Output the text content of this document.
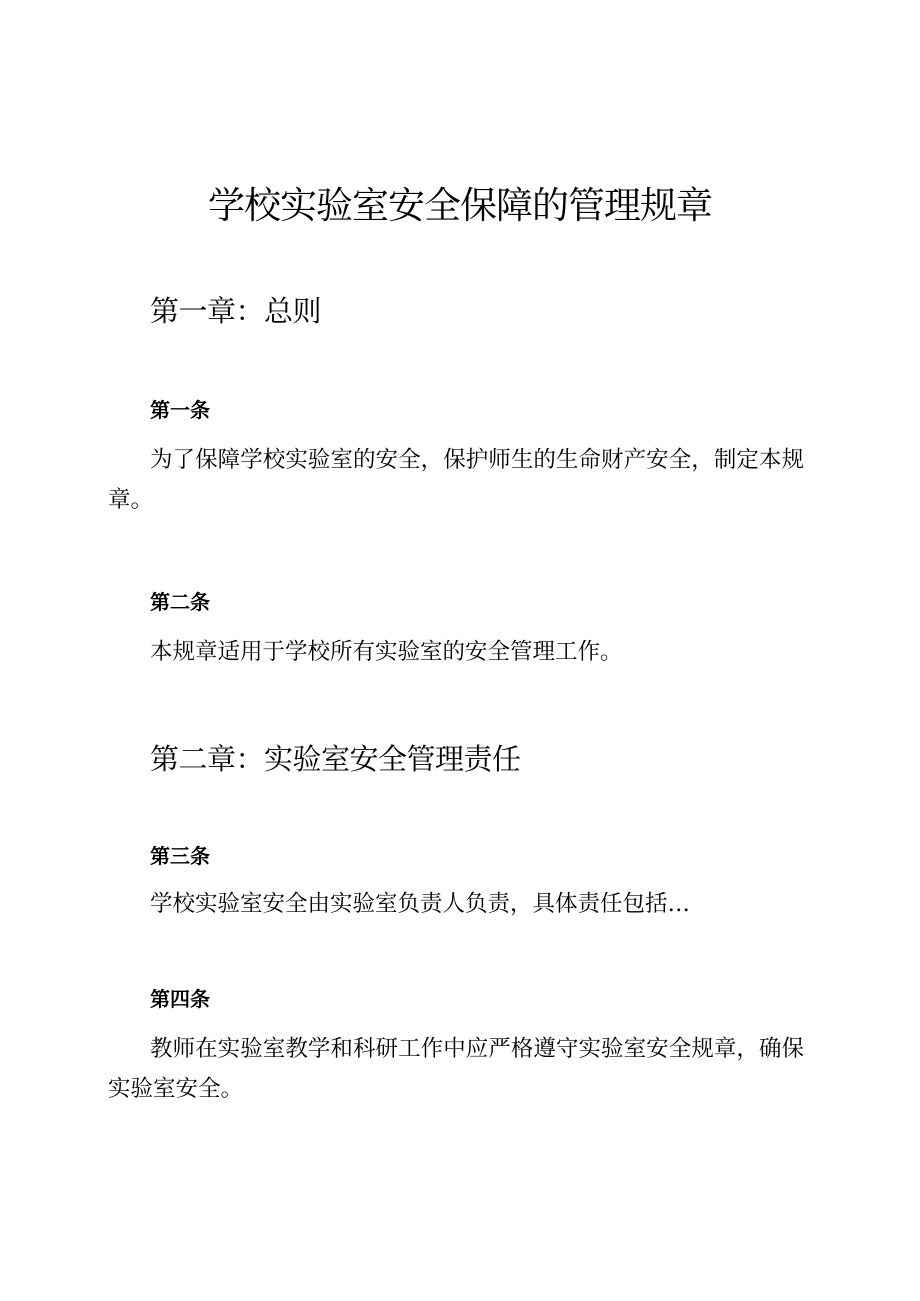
学校实验室安全保障的管理规章
第一章：总则
第一条

为了保障学校实验室的安全，保护师生的生命财产安全，制定本规章。

第二条

本规章适用于学校所有实验室的安全管理工作。

第二章：实验室安全管理责任
第三条

学校实验室安全由实验室负责人负责，具体责任包括…

第四条

教师在实验室教学和科研工作中应严格遵守实验室安全规章，确保实验室安全。
